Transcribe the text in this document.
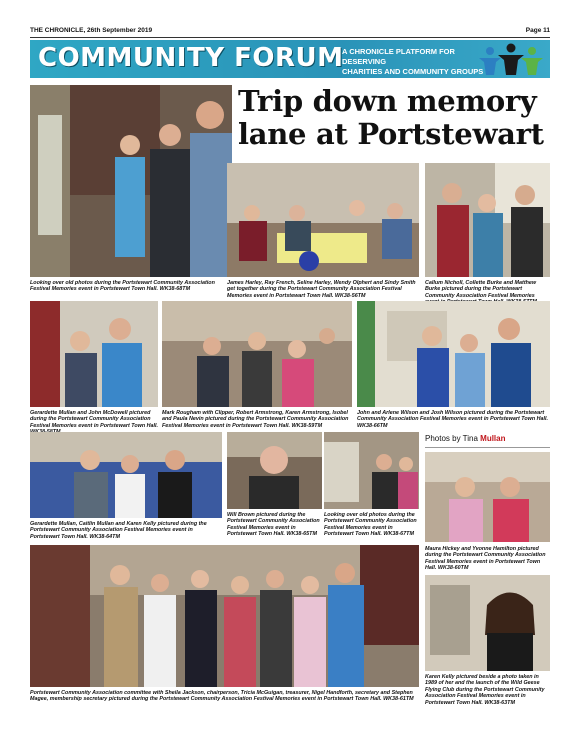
THE CHRONICLE, 26th September 2019	Page 11
COMMUNITY FORUM
A CHRONICLE PLATFORM FOR DESERVING
CHARITIES AND COMMUNITY GROUPS
Trip down memory
lane at Portstewart
Looking over old photos during the Portstewart Community Association Festival Memories event in Portstewart Town Hall. WK38-68TM
James Harley, Ray French, Seline Harley, Wendy Olphert and Sindy Smith get together during the Portstewart Community Association Festival Memories event in Portstewart Town Hall. WK38-56TM
Callum Nicholl, Collette Burke and Matthew Burke pictured during the Portstewart Community Association Festival Memories
Gerardette Mullan and John McDowell pictured during the Portstewart Community Association Festival Memories event in Portstewart Town Hall.
Mark Rougham with Clipper, Robert Armstrong, Karen Armstrong, Isobel and Paula Nevin pictured during the Portstewart Community Association Festival Memories event in Portstewart Town Hall. WK38-59TM
John and Arlene Wilson and Josh Wilson pictured during the Portstewart Community Association Festival Memories event in Portstewart Town Hall. WK38-66TM
Photos by Tina Mullan
Gerardette Mullan, Caitlin Mullan and Karen Kelly pictured during the Portstewart Community Association Festival Memories event in Portstewart Town Hall. WK38-64TM
Will Brown pictured during the Portstewart Community Association Festival Memories event in Portstewart Town Hall. WK38-65TM
Looking over old photos during the Portstewart Community Association Festival Memories event in Portstewart Town Hall. WK38-67TM
Maura Hickey and Yvonne Hamilton pictured during the Portstewart Community Association Festival Memories event in Portstewart Town Hall. WK38-60TM
Portstewart Community Association committee with Sheila Jackson, chairperson, Tricia McGuigan, treasurer, Nigel Handforth, secretary and Stephen Magee, membership secretary pictured during the Portstewart Community Association Festival Memories event in Portstewart Town Hall. WK38-61TM
Karen Kelly pictured beside a photo taken in 1989 of her and the launch of the Wild Geese Flying Club during the Portstewart Community Association Festival Memories event in Portstewart Town Hall. WK38-63TM
